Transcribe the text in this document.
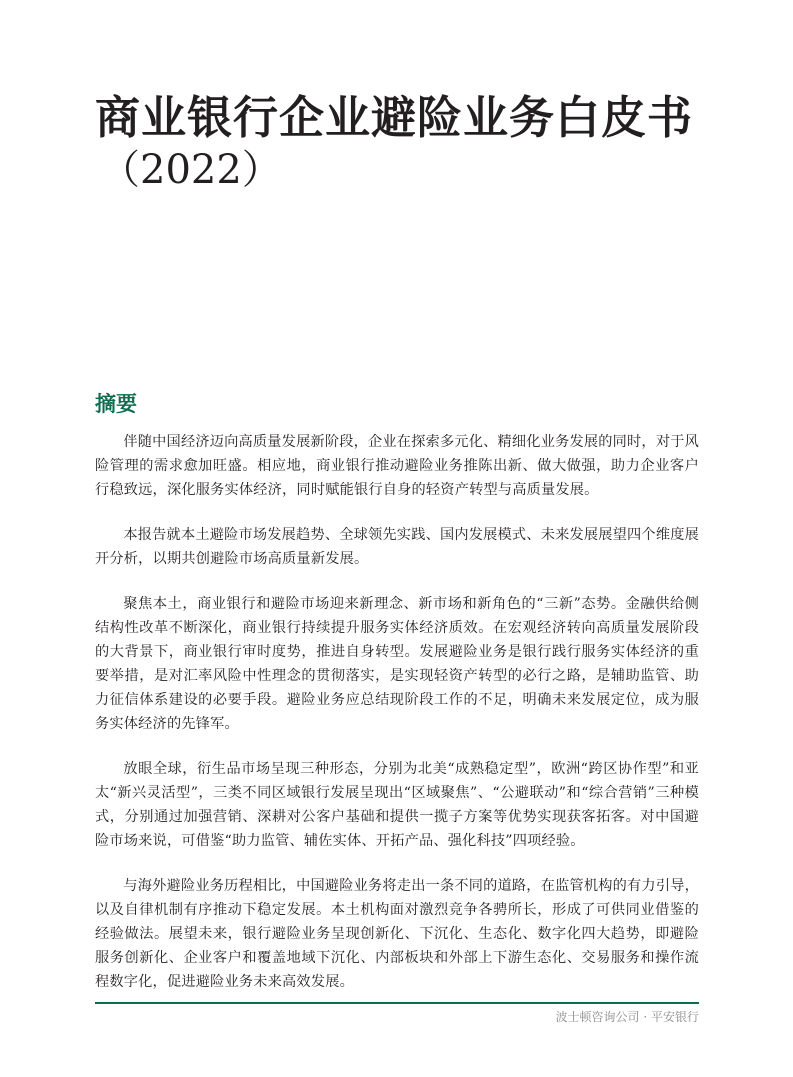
商业银行企业避险业务白皮书
（2022）
摘要

伴随中国经济迈向高质量发展新阶段，企业在探索多元化、精细化业务发展的同时，对于风险管理的需求愈加旺盛。相应地，商业银行推动避险业务推陈出新、做大做强，助力企业客户行稳致远，深化服务实体经济，同时赋能银行自身的轻资产转型与高质量发展。

本报告就本土避险市场发展趋势、全球领先实践、国内发展模式、未来发展展望四个维度展开分析，以期共创避险市场高质量新发展。

聚焦本土，商业银行和避险市场迎来新理念、新市场和新角色的“三新”态势。金融供给侧结构性改革不断深化，商业银行持续提升服务实体经济质效。在宏观经济转向高质量发展阶段的大背景下，商业银行审时度势，推进自身转型。发展避险业务是银行践行服务实体经济的重要举措，是对汇率风险中性理念的贯彻落实，是实现轻资产转型的必行之路，是辅助监管、助力征信体系建设的必要手段。避险业务应总结现阶段工作的不足，明确未来发展定位，成为服务实体经济的先锋军。

放眼全球，衍生品市场呈现三种形态，分别为北美“成熟稳定型”，欧洲“跨区协作型”和亚太“新兴灵活型”，三类不同区域银行发展呈现出“区域聚焦”、“公避联动”和“综合营销”三种模式，分别通过加强营销、深耕对公客户基础和提供一揽子方案等优势实现获客拓客。对中国避险市场来说，可借鉴“助力监管、辅佐实体、开拓产品、强化科技”四项经验。

与海外避险业务历程相比，中国避险业务将走出一条不同的道路，在监管机构的有力引导，以及自律机制有序推动下稳定发展。本土机构面对激烈竞争各骋所长，形成了可供同业借鉴的经验做法。展望未来，银行避险业务呈现创新化、下沉化、生态化、数字化四大趋势，即避险服务创新化、企业客户和覆盖地域下沉化、内部板块和外部上下游生态化、交易服务和操作流程数字化，促进避险业务未来高效发展。

波士顿咨询公司 · 平安银行
